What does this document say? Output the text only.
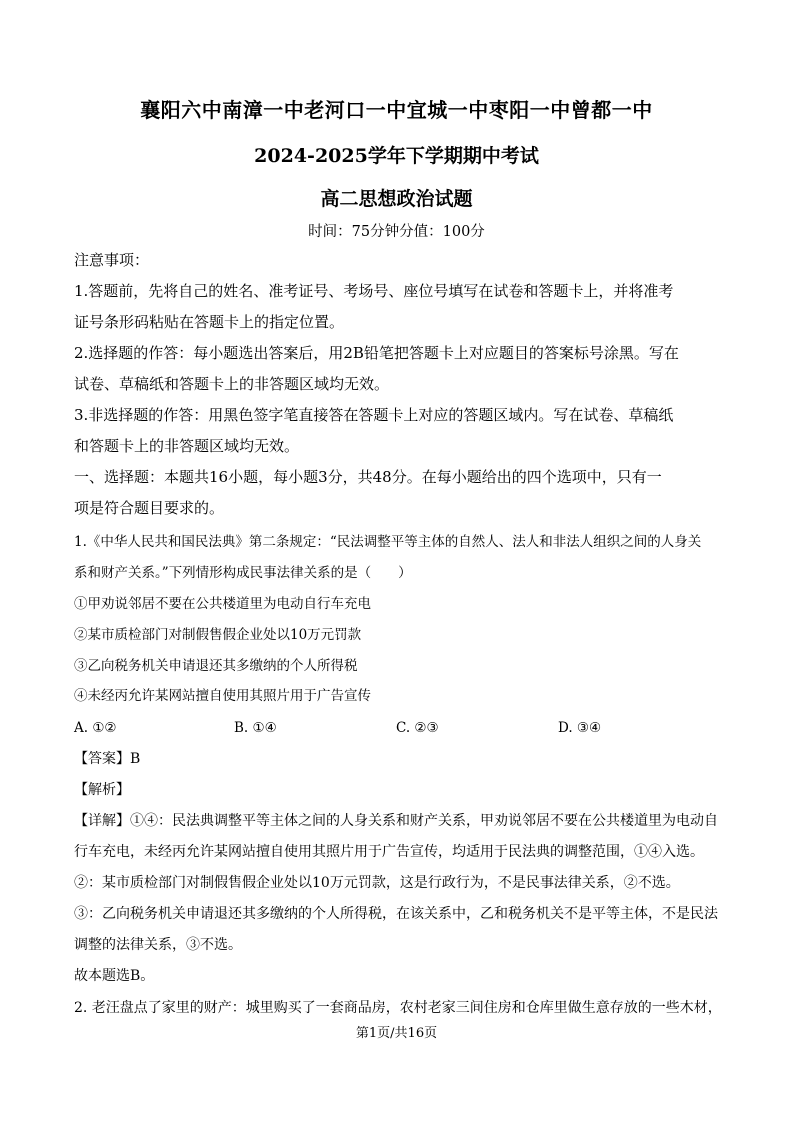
襄阳六中南漳一中老河口一中宜城一中枣阳一中曾都一中
2024-2025学年下学期期中考试
高二思想政治试题
时间：75分钟分值：100分
注意事项：
1.答题前，先将自己的姓名、准考证号、考场号、座位号填写在试卷和答题卡上，并将准考
证号条形码粘贴在答题卡上的指定位置。
2.选择题的作答：每小题选出答案后，用2B铅笔把答题卡上对应题目的答案标号涂黑。写在
试卷、草稿纸和答题卡上的非答题区域均无效。
3.非选择题的作答：用黑色签字笔直接答在答题卡上对应的答题区域内。写在试卷、草稿纸
和答题卡上的非答题区域均无效。
一、选择题：本题共16小题，每小题3分，共48分。在每小题给出的四个选项中，只有一
项是符合题目要求的。
1.《中华人民共和国民法典》第二条规定：“民法调整平等主体的自然人、法人和非法人组织之间的人身关
系和财产关系。”下列情形构成民事法律关系的是（　　）
①甲劝说邻居不要在公共楼道里为电动自行车充电
②某市质检部门对制假售假企业处以10万元罚款
③乙向税务机关申请退还其多缴纳的个人所得税
④未经丙允许某网站擅自使用其照片用于广告宣传
A. ①②	B. ①④	C. ②③	D. ③④
【答案】B
【解析】
【详解】①④：民法典调整平等主体之间的人身关系和财产关系，甲劝说邻居不要在公共楼道里为电动自
行车充电，未经丙允许某网站擅自使用其照片用于广告宣传，均适用于民法典的调整范围，①④入选。
②：某市质检部门对制假售假企业处以10万元罚款，这是行政行为，不是民事法律关系，②不选。
③：乙向税务机关申请退还其多缴纳的个人所得税，在该关系中，乙和税务机关不是平等主体，不是民法
调整的法律关系，③不选。
故本题选B。
2. 老汪盘点了家里的财产：城里购买了一套商品房，农村老家三间住房和仓库里做生意存放的一些木材，
第1页/共16页
